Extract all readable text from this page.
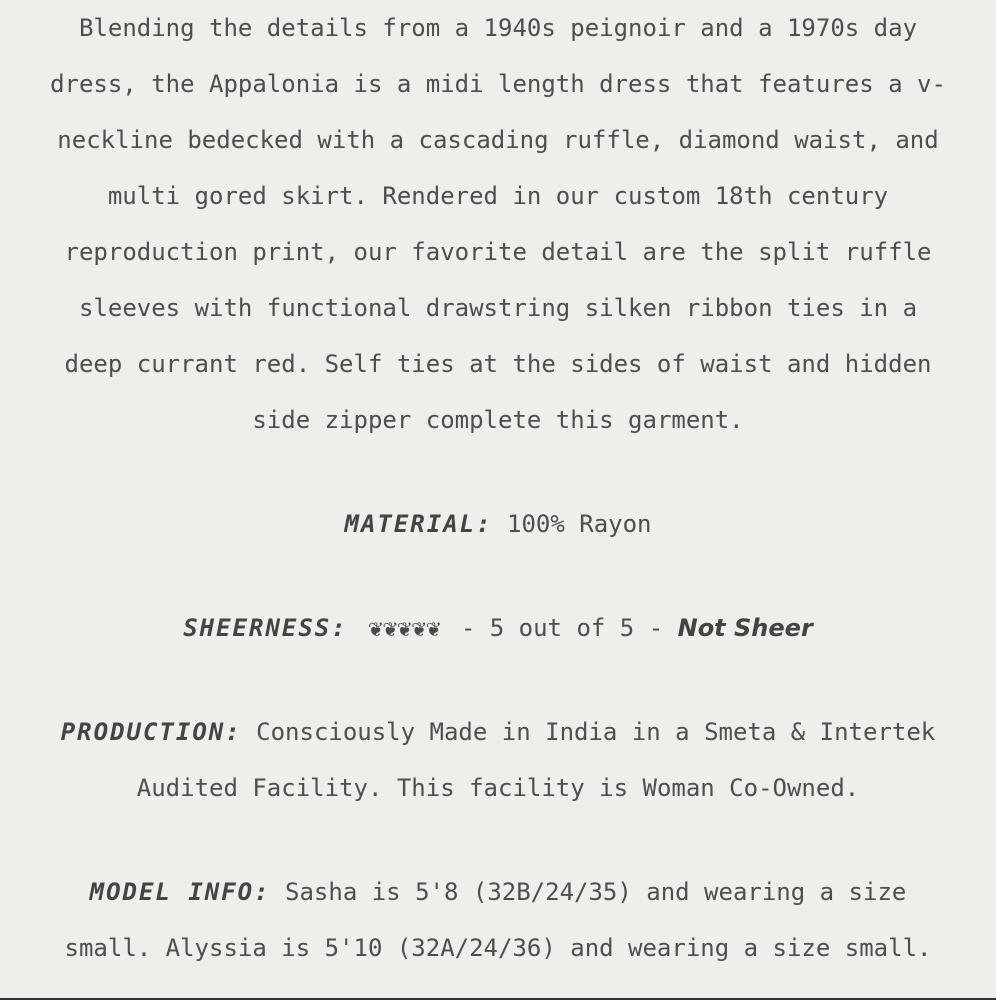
Blending the details from a 1940s peignoir and a 1970s day dress, the Appalonia is a midi length dress that features a v-neckline bedecked with a cascading ruffle, diamond waist, and multi gored skirt. Rendered in our custom 18th century reproduction print, our favorite detail are the split ruffle sleeves with functional drawstring silken ribbon ties in a deep currant red. Self ties at the sides of waist and hidden side zipper complete this garment.

MATERIAL: 100% Rayon

SHEERNESS: ❦❦❦❦❦ - 5 out of 5 - Not Sheer

PRODUCTION: Consciously Made in India in a Smeta & Intertek Audited Facility. This facility is Woman Co-Owned.

MODEL INFO: Sasha is 5'8 (32B/24/35) and wearing a size small. Alyssia is 5'10 (32A/24/36) and wearing a size small.
